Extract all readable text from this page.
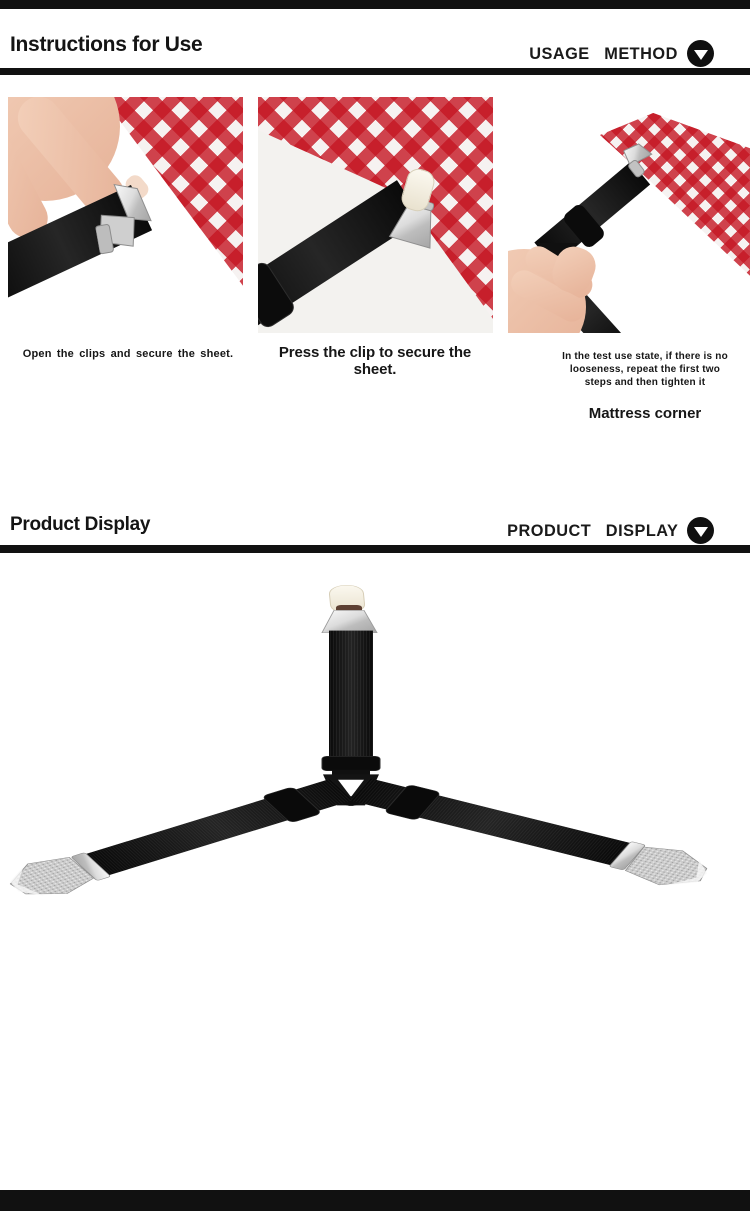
Instructions for Use	USAGE METHOD
Open the clips and secure the sheet.	Press the clip to secure the sheet.
In the test use state, if there is no
looseness, repeat the first two
steps and then tighten it
Mattress corner
Product Display	PRODUCT DISPLAY
